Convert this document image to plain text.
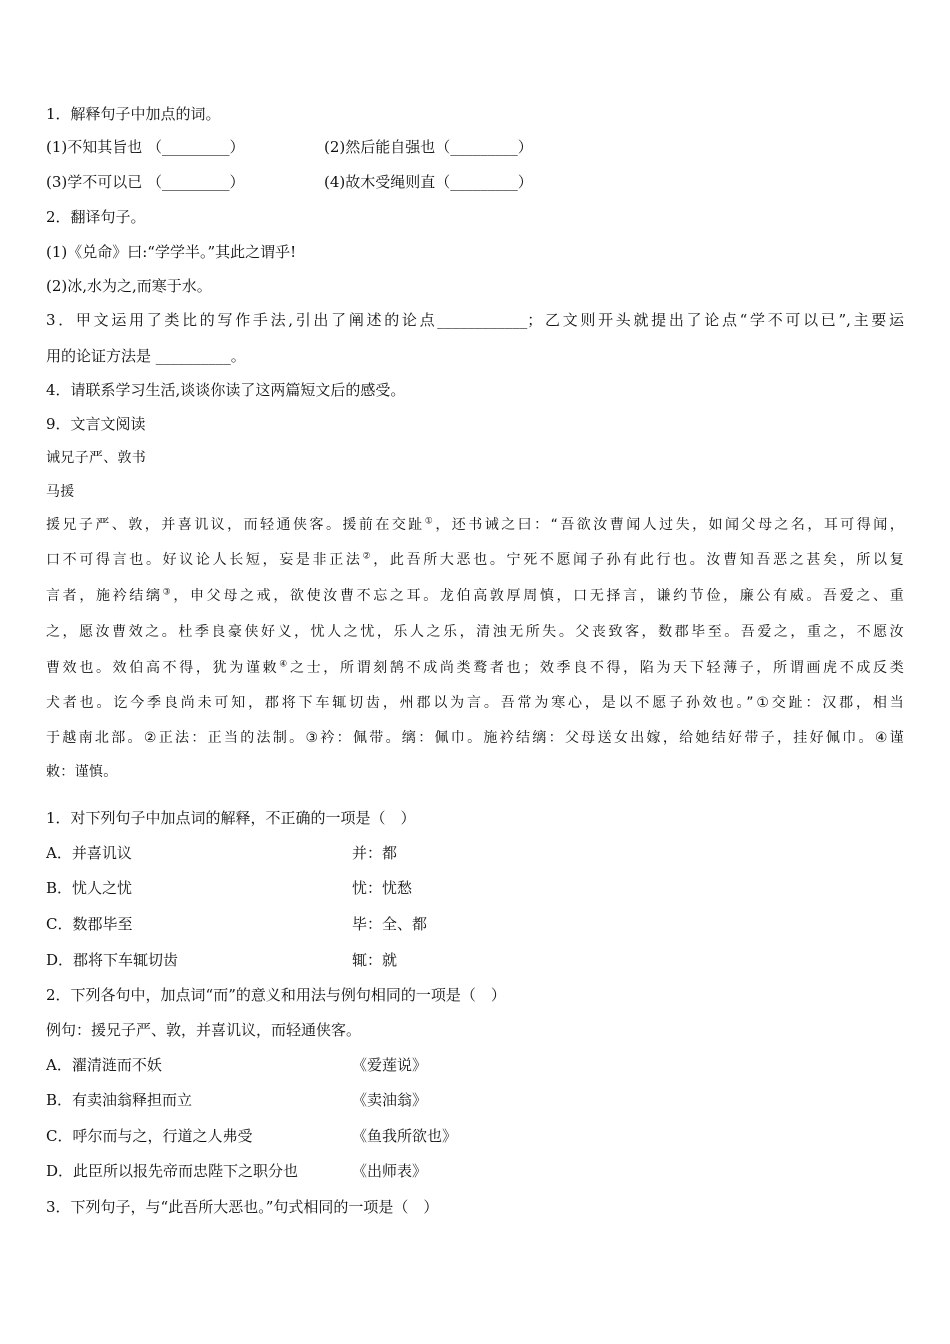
1．解释句子中加点的词。
(1)不知其旨也 （_________）	(2)然后能自强也（_________）
(3)学不可以已 （_________）	(4)故木受绳则直（_________）
2．翻译句子。
(1)《兑命》曰:“学学半。”其此之谓乎!
(2)冰,水为之,而寒于水。
3．甲文运用了类比的写作手法,引出了阐述的论点____________；乙文则开头就提出了论点“学不可以已”,主要运
用的论证方法是 __________。
4．请联系学习生活,谈谈你读了这两篇短文后的感受。
9．文言文阅读
诫兄子严、敦书
马援
援兄子严、敦，并喜讥议，而轻通侠客。援前在交趾①，还书诫之曰：“吾欲汝曹闻人过失，如闻父母之名，耳可得闻，
口不可得言也。好议论人长短，妄是非正法②，此吾所大恶也。宁死不愿闻子孙有此行也。汝曹知吾恶之甚矣，所以复
言者，施衿结缡③，申父母之戒，欲使汝曹不忘之耳。龙伯高敦厚周慎，口无择言，谦约节俭，廉公有威。吾爱之、重
之，愿汝曹效之。杜季良豪侠好义，忧人之忧，乐人之乐，清浊无所失。父丧致客，数郡毕至。吾爱之，重之，不愿汝
曹效也。效伯高不得，犹为谨敕④之士，所谓刻鹄不成尚类鹜者也；效季良不得，陷为天下轻薄子，所谓画虎不成反类
犬者也。讫今季良尚未可知，郡将下车辄切齿，州郡以为言。吾常为寒心，是以不愿子孙效也。”①交趾：汉郡，相当
于越南北部。②正法：正当的法制。③衿：佩带。缡：佩巾。施衿结缡：父母送女出嫁，给她结好带子，挂好佩巾。④谨
敕：谨慎。
1．对下列句子中加点词的解释，不正确的一项是（　）
A．并喜讥议	并：都
B．忧人之忧	忧：忧愁
C．数郡毕至	毕：全、都
D．郡将下车辄切齿	辄：就
2．下列各句中，加点词“而”的意义和用法与例句相同的一项是（　）
例句：援兄子严、敦，并喜讥议，而轻通侠客。
A．濯清涟而不妖	《爱莲说》
B．有卖油翁释担而立	《卖油翁》
C．呼尔而与之，行道之人弗受	《鱼我所欲也》
D．此臣所以报先帝而忠陛下之职分也	《出师表》
3．下列句子，与“此吾所大恶也。”句式相同的一项是（　）
